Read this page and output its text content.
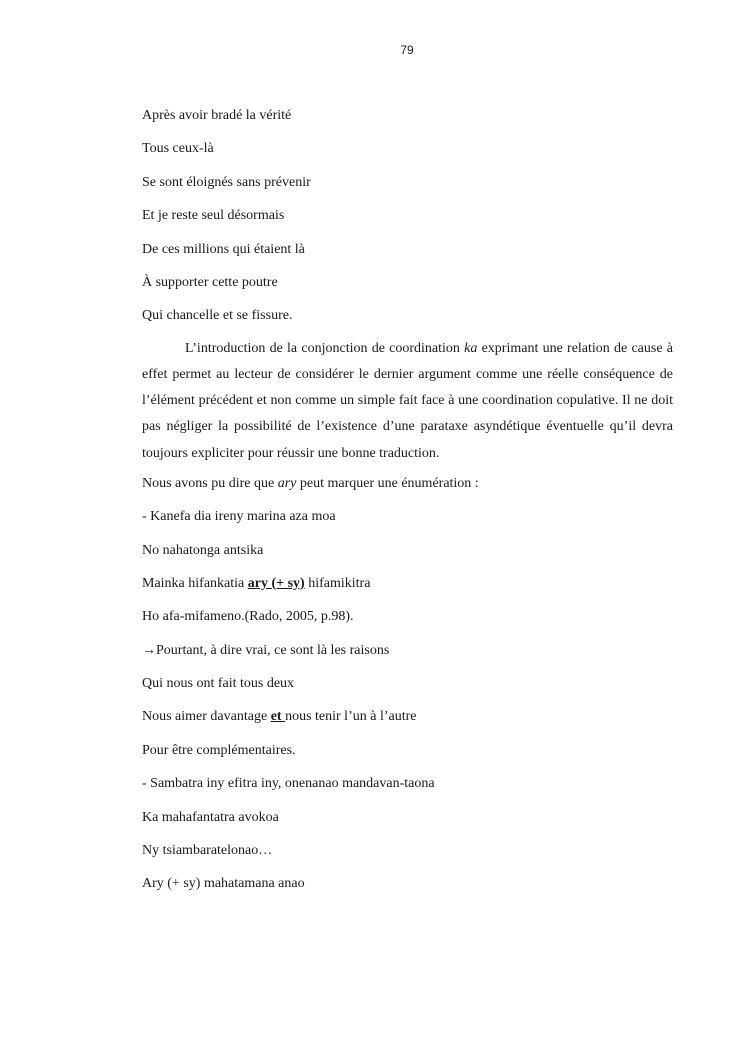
79
Après avoir bradé la vérité
Tous ceux-là
Se sont éloignés sans prévenir
Et je reste seul désormais
De ces millions qui étaient là
À supporter cette poutre
Qui chancelle et se fissure.

L’introduction de la conjonction de coordination ka exprimant une relation de cause à effet permet au lecteur de considérer le dernier argument comme une réelle conséquence de l’élément précédent et non comme un simple fait face à une coordination copulative. Il ne doit pas négliger la possibilité de l’existence d’une parataxe asyndétique éventuelle qu’il devra toujours expliciter pour réussir une bonne traduction.

Nous avons pu dire que ary peut marquer une énumération :
- Kanefa dia ireny marina aza moa
No nahatonga antsika
Mainka hifankatia ary (+ sy) hifamikitra
Ho afa-mifameno.(Rado, 2005, p.98).
→Pourtant, à dire vrai, ce sont là les raisons
Qui nous ont fait tous deux
Nous aimer davantage et nous tenir l’un à l’autre
Pour être complémentaires.
- Sambatra iny efitra iny, onenanao mandavan-taona
Ka mahafantatra avokoa
Ny tsiambaratelonao…
Ary (+ sy) mahatamana anao
